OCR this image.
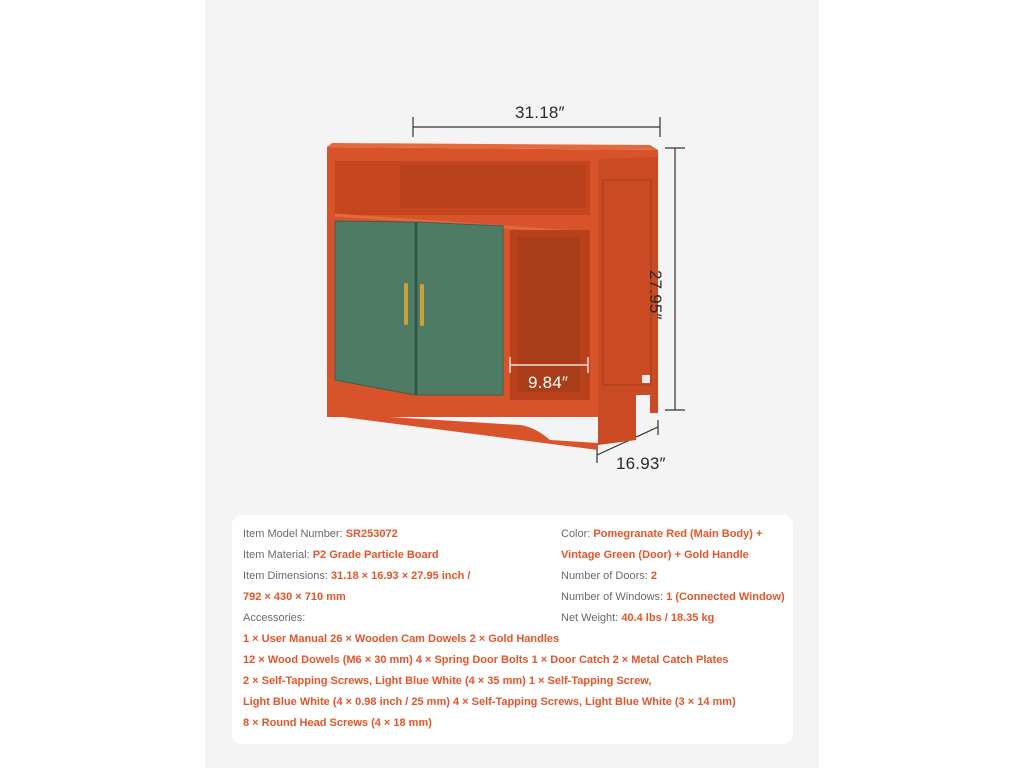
31.18″
27.95″
16.93″
9.84″
Item Model Number: SR253072
Item Material: P2 Grade Particle Board
Item Dimensions: 31.18 × 16.93 × 27.95 inch /
792 × 430 × 710 mm
Accessories:
Color: Pomegranate Red (Main Body) +
Vintage Green (Door) + Gold Handle
Number of Doors: 2
Number of Windows: 1 (Connected Window)
Net Weight: 40.4 lbs / 18.35 kg
1 × User Manual 26 × Wooden Cam Dowels 2 × Gold Handles
12 × Wood Dowels (M6 × 30 mm) 4 × Spring Door Bolts 1 × Door Catch 2 × Metal Catch Plates
2 × Self-Tapping Screws, Light Blue White (4 × 35 mm) 1 × Self-Tapping Screw,
Light Blue White (4 × 0.98 inch / 25 mm) 4 × Self-Tapping Screws, Light Blue White (3 × 14 mm)
8 × Round Head Screws (4 × 18 mm)
